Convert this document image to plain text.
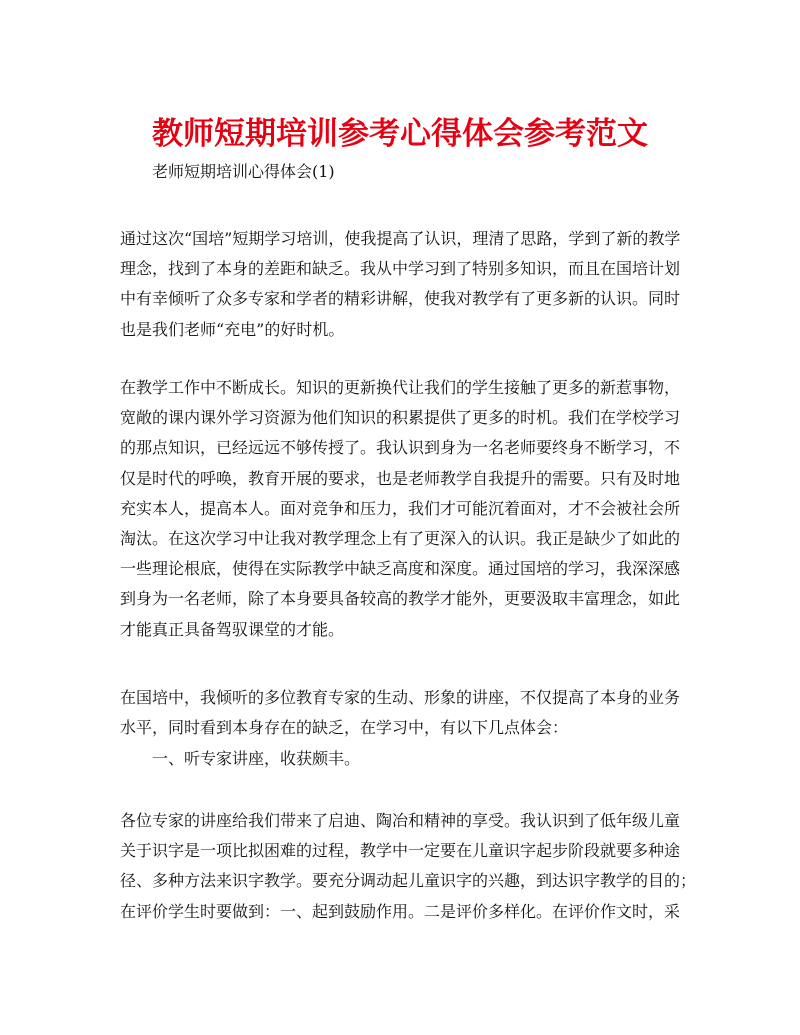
教师短期培训参考心得体会参考范文

老师短期培训心得体会(1)

通过这次“国培”短期学习培训，使我提高了认识，理清了思路，学到了新的教学
理念，找到了本身的差距和缺乏。我从中学习到了特别多知识，而且在国培计划
中有幸倾听了众多专家和学者的精彩讲解，使我对教学有了更多新的认识。同时
也是我们老师“充电”的好时机。

在教学工作中不断成长。知识的更新换代让我们的学生接触了更多的新惹事物，
宽敞的课内课外学习资源为他们知识的积累提供了更多的时机。我们在学校学习
的那点知识，已经远远不够传授了。我认识到身为一名老师要终身不断学习，不
仅是时代的呼唤，教育开展的要求，也是老师教学自我提升的需要。只有及时地
充实本人，提高本人。面对竞争和压力，我们才可能沉着面对，才不会被社会所
淘汰。在这次学习中让我对教学理念上有了更深入的认识。我正是缺少了如此的
一些理论根底，使得在实际教学中缺乏高度和深度。通过国培的学习，我深深感
到身为一名老师，除了本身要具备较高的教学才能外，更要汲取丰富理念，如此
才能真正具备驾驭课堂的才能。

在国培中，我倾听的多位教育专家的生动、形象的讲座，不仅提高了本身的业务
水平，同时看到本身存在的缺乏，在学习中，有以下几点体会：

一、听专家讲座，收获颇丰。

各位专家的讲座给我们带来了启迪、陶冶和精神的享受。我认识到了低年级儿童
关于识字是一项比拟困难的过程，教学中一定要在儿童识字起步阶段就要多种途
径、多种方法来识字教学。要充分调动起儿童识字的兴趣，到达识字教学的目的；
在评价学生时要做到：一、起到鼓励作用。二是评价多样化。在评价作文时，采
